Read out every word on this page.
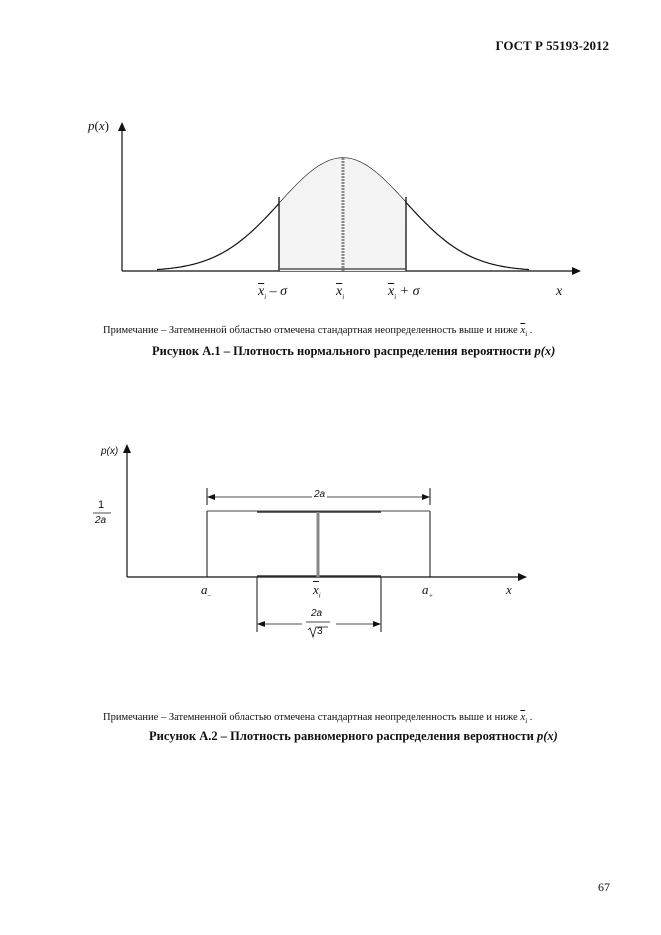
ГОСТ Р 55193-2012
p(x)
$\overline{x}_i$ – σ	$\overline{x}_i$	$\overline{x}_i + \sigma$	x
Примечание – Затемненной областью отмечена стандартная неопределенность выше и ниже $\overline{x}_i$ .
Рисунок А.1 – Плотность нормального распределения вероятности p(x)
p(x)
1
2a
2a
$a_-$	$\overline{x}_i$	$a_+$	x
2a
3
Примечание – Затемненной областью отмечена стандартная неопределенность выше и ниже $\overline{x}_i$ .
Рисунок А.2 – Плотность равномерного распределения вероятности p(x)
67
